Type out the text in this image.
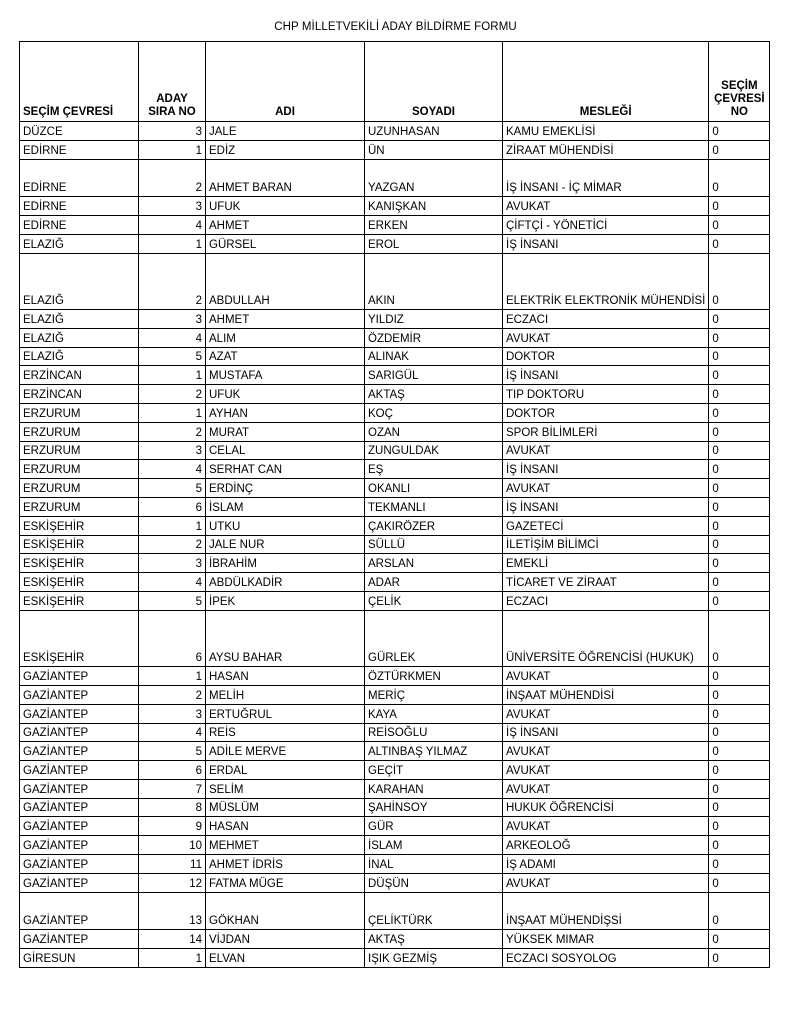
CHP MİLLETVEKİLİ ADAY BİLDİRME FORMU
SEÇİM ÇEVRESİ	ADAY SIRA NO	ADI	SOYADI	MESLEĞİ	SEÇİM ÇEVRESİ NO
DÜZCE	3	JALE	UZUNHASAN	KAMU EMEKLİSİ	0
EDİRNE	1	EDİZ	ÜN	ZİRAAT MÜHENDİSİ	0
EDİRNE	2	AHMET BARAN	YAZGAN	İŞ İNSANI - İÇ MİMAR	0
EDİRNE	3	UFUK	KANIŞKAN	AVUKAT	0
EDİRNE	4	AHMET	ERKEN	ÇİFTÇİ - YÖNETİCİ	0
ELAZIĞ	1	GÜRSEL	EROL	İŞ İNSANI	0
ELAZIĞ	2	ABDULLAH	AKIN	ELEKTRİK ELEKTRONİK MÜHENDİSİ	0
ELAZIĞ	3	AHMET	YILDIZ	ECZACI	0
ELAZIĞ	4	ALIM	ÖZDEMİR	AVUKAT	0
ELAZIĞ	5	AZAT	ALINAK	DOKTOR	0
ERZİNCAN	1	MUSTAFA	SARIGÜL	İŞ İNSANI	0
ERZİNCAN	2	UFUK	AKTAŞ	TIP DOKTORU	0
ERZURUM	1	AYHAN	KOÇ	DOKTOR	0
ERZURUM	2	MURAT	OZAN	SPOR BİLİMLERİ	0
ERZURUM	3	CELAL	ZUNGULDAK	AVUKAT	0
ERZURUM	4	SERHAT CAN	EŞ	İŞ İNSANI	0
ERZURUM	5	ERDİNÇ	OKANLI	AVUKAT	0
ERZURUM	6	İSLAM	TEKMANLI	İŞ İNSANI	0
ESKİŞEHİR	1	UTKU	ÇAKIRÖZER	GAZETECİ	0
ESKİŞEHİR	2	JALE NUR	SÜLLÜ	İLETİŞİM BİLİMCİ	0
ESKİŞEHİR	3	İBRAHİM	ARSLAN	EMEKLİ	0
ESKİŞEHİR	4	ABDÜLKADİR	ADAR	TİCARET VE ZİRAAT	0
ESKİŞEHİR	5	İPEK	ÇELİK	ECZACI	0
ESKİŞEHİR	6	AYSU BAHAR	GÜRLEK	ÜNİVERSİTE ÖĞRENCİSİ (HUKUK)	0
GAZİANTEP	1	HASAN	ÖZTÜRKMEN	AVUKAT	0
GAZİANTEP	2	MELİH	MERİÇ	İNŞAAT MÜHENDİSİ	0
GAZİANTEP	3	ERTUĞRUL	KAYA	AVUKAT	0
GAZİANTEP	4	REİS	REİSOĞLU	İŞ İNSANI	0
GAZİANTEP	5	ADİLE MERVE	ALTINBAŞ YILMAZ	AVUKAT	0
GAZİANTEP	6	ERDAL	GEÇİT	AVUKAT	0
GAZİANTEP	7	SELİM	KARAHAN	AVUKAT	0
GAZİANTEP	8	MÜSLÜM	ŞAHİNSOY	HUKUK ÖĞRENCİSİ	0
GAZİANTEP	9	HASAN	GÜR	AVUKAT	0
GAZİANTEP	10	MEHMET	İSLAM	ARKEOLOĞ	0
GAZİANTEP	11	AHMET İDRİS	İNAL	İŞ ADAMI	0
GAZİANTEP	12	FATMA MÜGE	DÜŞÜN	AVUKAT	0
GAZİANTEP	13	GÖKHAN	ÇELİKTÜRK	İNŞAAT MÜHENDİŞSİ	0
GAZİANTEP	14	VİJDAN	AKTAŞ	YÜKSEK MIMAR	0
GİRESUN	1	ELVAN	IŞIK GEZMİŞ	ECZACI SOSYOLOG	0
